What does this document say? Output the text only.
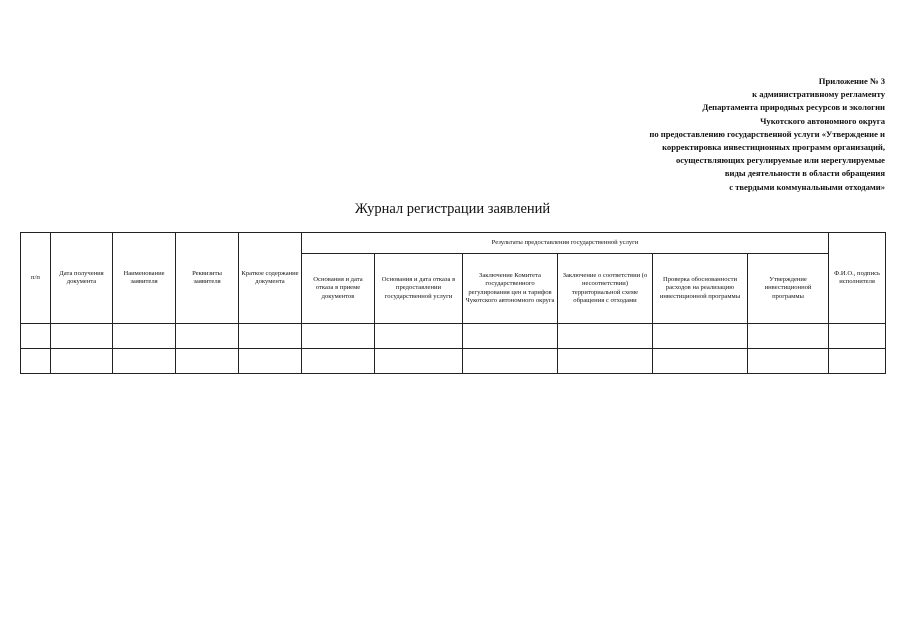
Приложение № 3
к административному регламенту
Департамента природных ресурсов и экологии
Чукотского автономного округа
по предоставлению государственной услуги «Утверждение и
корректировка инвестиционных программ организаций,
осуществляющих регулируемые или нерегулируемые
виды деятельности в области обращения
с твердыми коммунальными отходами»
Журнал регистрации заявлений
п/п	Дата получения документа	Наименование заявителя	Реквизиты заявителя	Краткое содержание документа	Результаты предоставления государственной услуги						Ф.И.О., подпись исполнителя
					Основания и дата отказа в приеме документов	Основания и дата отказа в предоставлении государственной услуги	Заключение Комитета государственного регулирования цен и тарифов Чукотского автономного округа	Заключение о соответствии (о несоответствии) территориальной схеме обращения с отходами	Проверка обоснованности расходов на реализацию инвестиционной программы	Утверждение инвестиционной программы	
